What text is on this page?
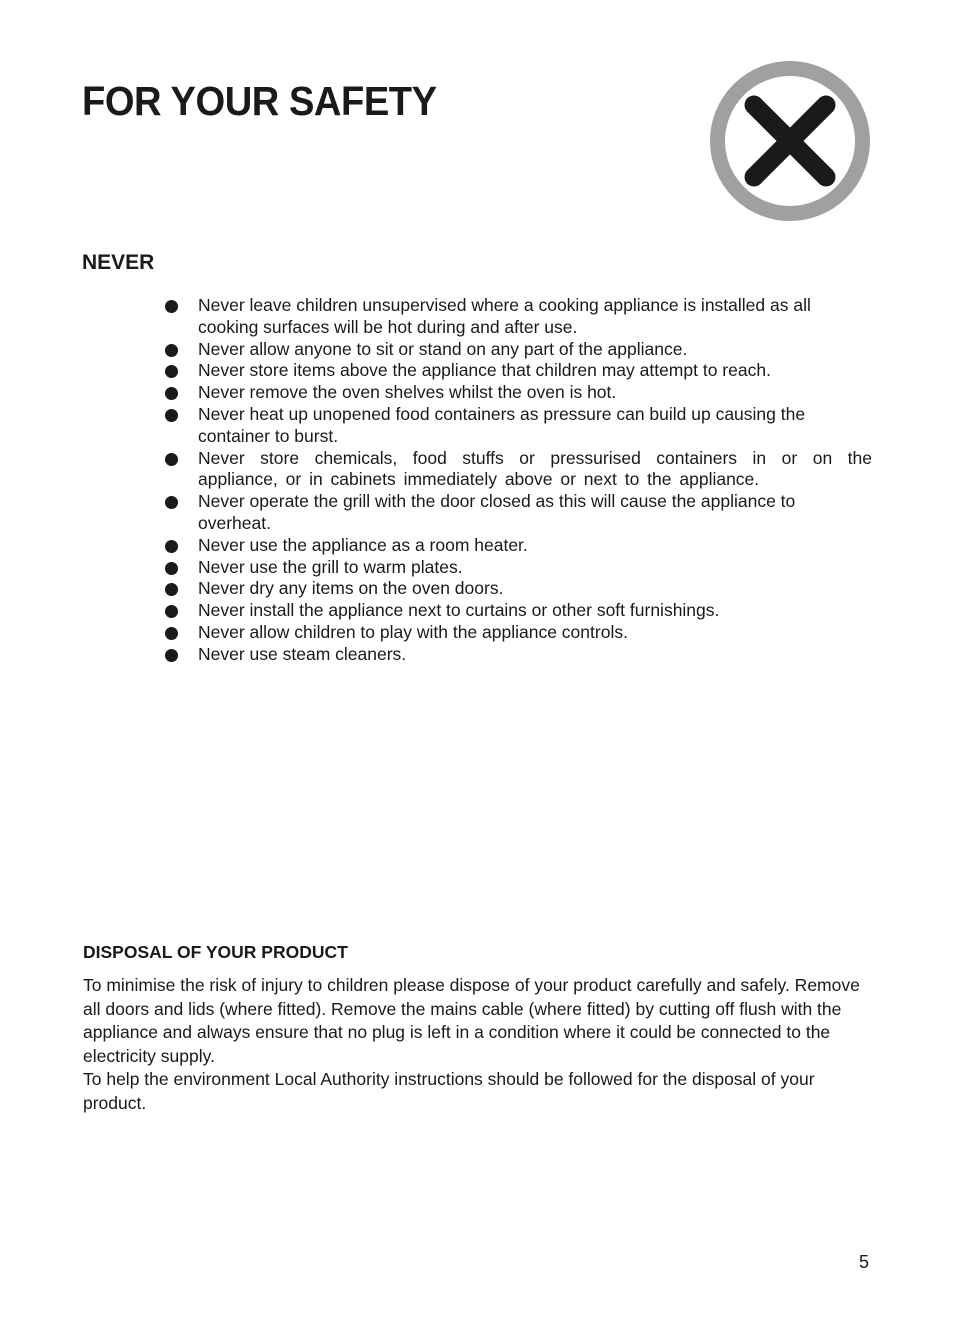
FOR YOUR SAFETY
NEVER
Never leave children unsupervised where a cooking appliance is installed as all cooking surfaces will be hot during and after use.
Never allow anyone to sit or stand on any part of the appliance.
Never store items above the appliance that children may attempt to reach.
Never remove the oven shelves whilst the oven is hot.
Never heat up unopened food containers as pressure can build up causing the container to burst.
Never store chemicals, food stuffs or pressurised containers in or on the appliance, or in cabinets immediately above or next to the appliance.
Never operate the grill with the door closed as this will cause the appliance to overheat.
Never use the appliance as a room heater.
Never use the grill to warm plates.
Never dry any items on the oven doors.
Never install the appliance next to curtains or other soft furnishings.
Never allow children to play with the appliance controls.
Never use steam cleaners.
DISPOSAL OF YOUR PRODUCT

To minimise the risk of injury to children please dispose of your product carefully and safely. Remove all doors and lids (where fitted). Remove the mains cable (where fitted) by cutting off flush with the appliance and always ensure that no plug is left in a condition where it could be connected to the electricity supply.

To help the environment Local Authority instructions should be followed for the disposal of your product.

5
